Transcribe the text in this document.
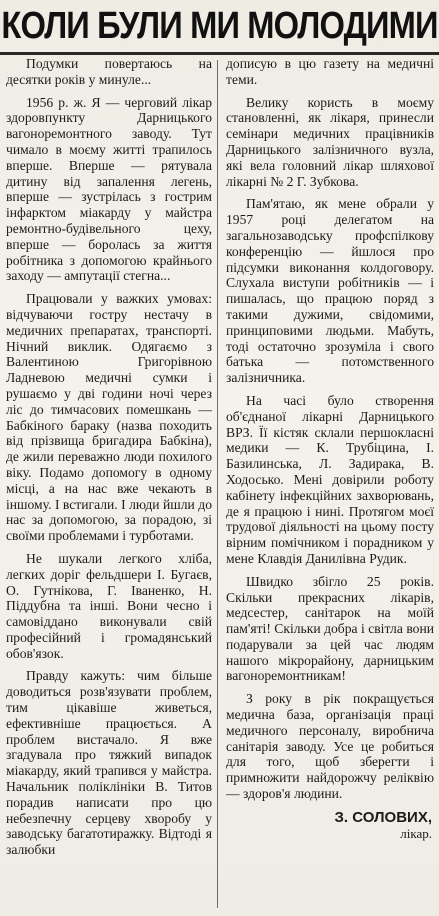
КОЛИ БУЛИ МИ МОЛОДИМИ

Подумки повертаюсь на десятки років у минуле...

1956 р. ж. Я — черговий лікар здоровпункту Дарницького вагоноремонтного заводу. Тут чимало в моєму житті трапилось вперше. Вперше — рятувала дитину від запалення легень, вперше — зустрілась з гострим інфарктом міакарду у майстра ремонтно-будівельного цеху, вперше — боролась за життя робітника з допомогою крайнього заходу — ампутації стегна...

Працювали у важких умовах: відчуваючи гостру нестачу в медичних препаратах, транспорті. Нічний виклик. Одягаємо з Валентиною Григорівною Ладневою медичні сумки і рушаємо у дві години ночі через ліс до тимчасових помешкань — Бабкіного бараку (назва походить від прізвища бригадира Бабкіна), де жили переважно люди похилого віку. Подамо допомогу в одному місці, а на нас вже чекають в іншому. І встигали. І люди йшли до нас за допомогою, за порадою, зі своїми проблемами і турботами.

Не шукали легкого хліба, легких доріг фельдшери І. Бугаєв, О. Гутнікова, Г. Іваненко, Н. Піддубна та інші. Вони чесно і самовіддано виконували свій професійний і громадянський обов'язок.

Правду кажуть: чим більше доводиться розв'язувати проблем, тим цікавіше живеться, ефективніше працюється. А проблем вистачало. Я вже згадувала про тяжкий випадок міакарду, який трапився у майстра. Начальник поліклініки В. Титов порадив написати про цю небезпечну серцеву хворобу у заводську багатотиражку. Відтоді я залюбки

дописую в цю газету на медичні теми.

Велику користь в моєму становленні, як лікаря, принесли семінари медичних працівників Дарницького залізничного вузла, які вела головний лікар шляхової лікарні № 2 Г. Зубкова.

Пам'ятаю, як мене обрали у 1957 році делегатом на загальнозаводську профспілкову конференцію — йшлося про підсумки виконання колдоговору. Слухала виступи робітників — і пишалась, що працюю поряд з такими дужими, свідомими, принциповими людьми. Мабуть, тоді остаточно зрозуміла і свого батька — потомственного залізничника.

На часі було створення об'єднаної лікарні Дарницького ВРЗ. Її кістяк склали першокласні медики — К. Трубіцина, І. Базилинська, Л. Задирака, В. Ходосько. Мені довірили роботу кабінету інфекційних захворювань, де я працюю і нині. Протягом моєї трудової діяльності на цьому посту вірним помічником і порадником у мене Клавдія Данилівна Рудик.

Швидко збігло 25 років. Скільки прекрасних лікарів, медсестер, санітарок на моїй пам'яті! Скільки добра і світла вони подарували за цей час людям нашого мікрорайону, дарницьким вагоноремонтникам!

З року в рік покращується медична база, організація праці медичного персоналу, виробнича санітарія заводу. Усе це робиться для того, щоб зберегти і примножити найдорожчу реліквію — здоров'я людини.

З. СОЛОВИХ,
лікар.
